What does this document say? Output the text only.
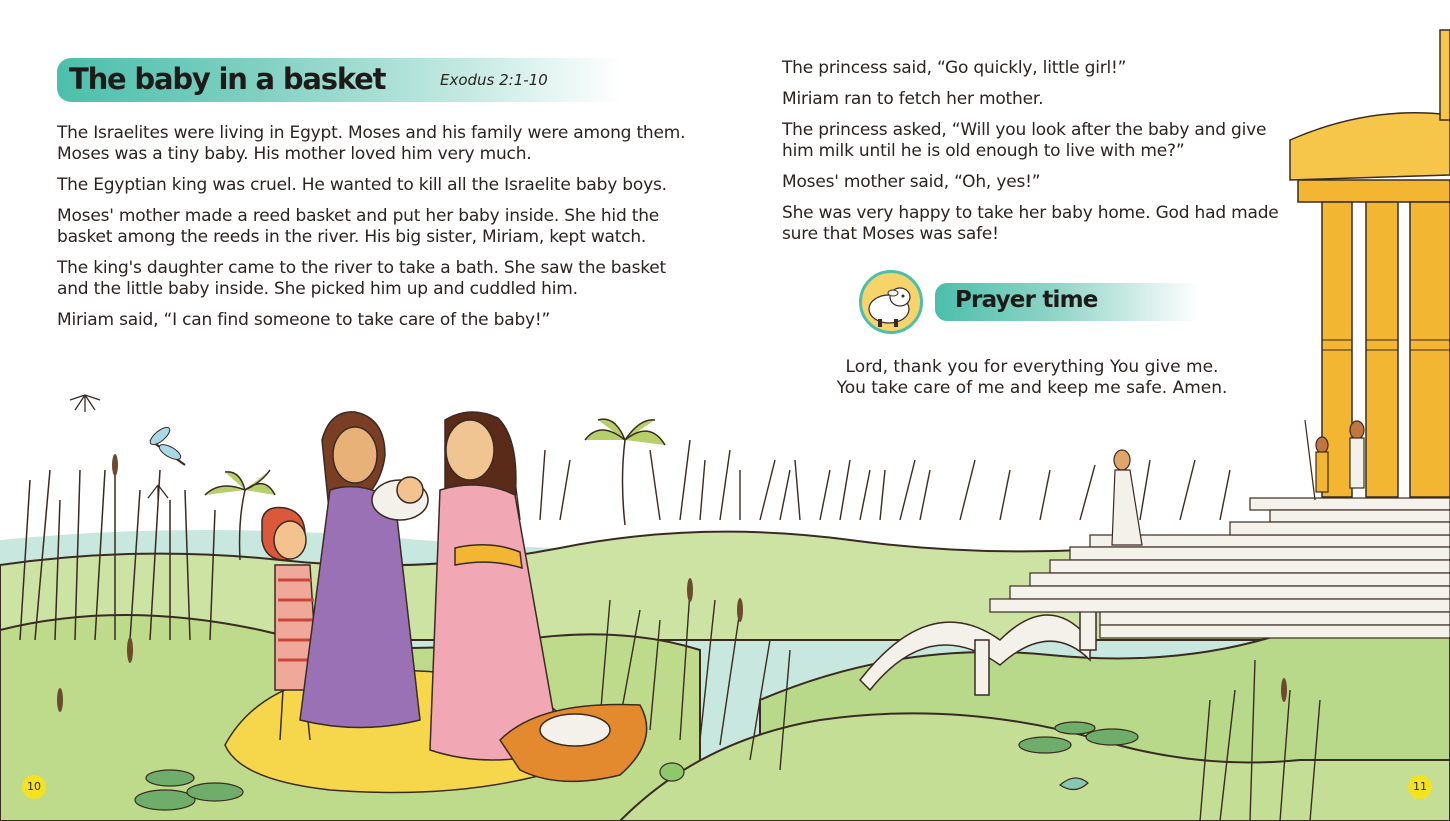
The baby in a basket	Exodus 2:1-10

The Israelites were living in Egypt. Moses and his family were among them.

Moses was a tiny baby. His mother loved him very much.

The Egyptian king was cruel. He wanted to kill all the Israelite baby boys.

Moses' mother made a reed basket and put her baby inside. She hid the

basket among the reeds in the river. His big sister, Miriam, kept watch.

The king's daughter came to the river to take a bath. She saw the basket

and the little baby inside. She picked him up and cuddled him.

Miriam said, “I can find someone to take care of the baby!”

The princess said, “Go quickly, little girl!”

Miriam ran to fetch her mother.

The princess asked, “Will you look after the baby and give

him milk until he is old enough to live with me?”

Moses' mother said, “Oh, yes!”

She was very happy to take her baby home. God had made

sure that Moses was safe!

Prayer time
Lord, thank you for everything You give me.
You take care of me and keep me safe. Amen.
10	11
